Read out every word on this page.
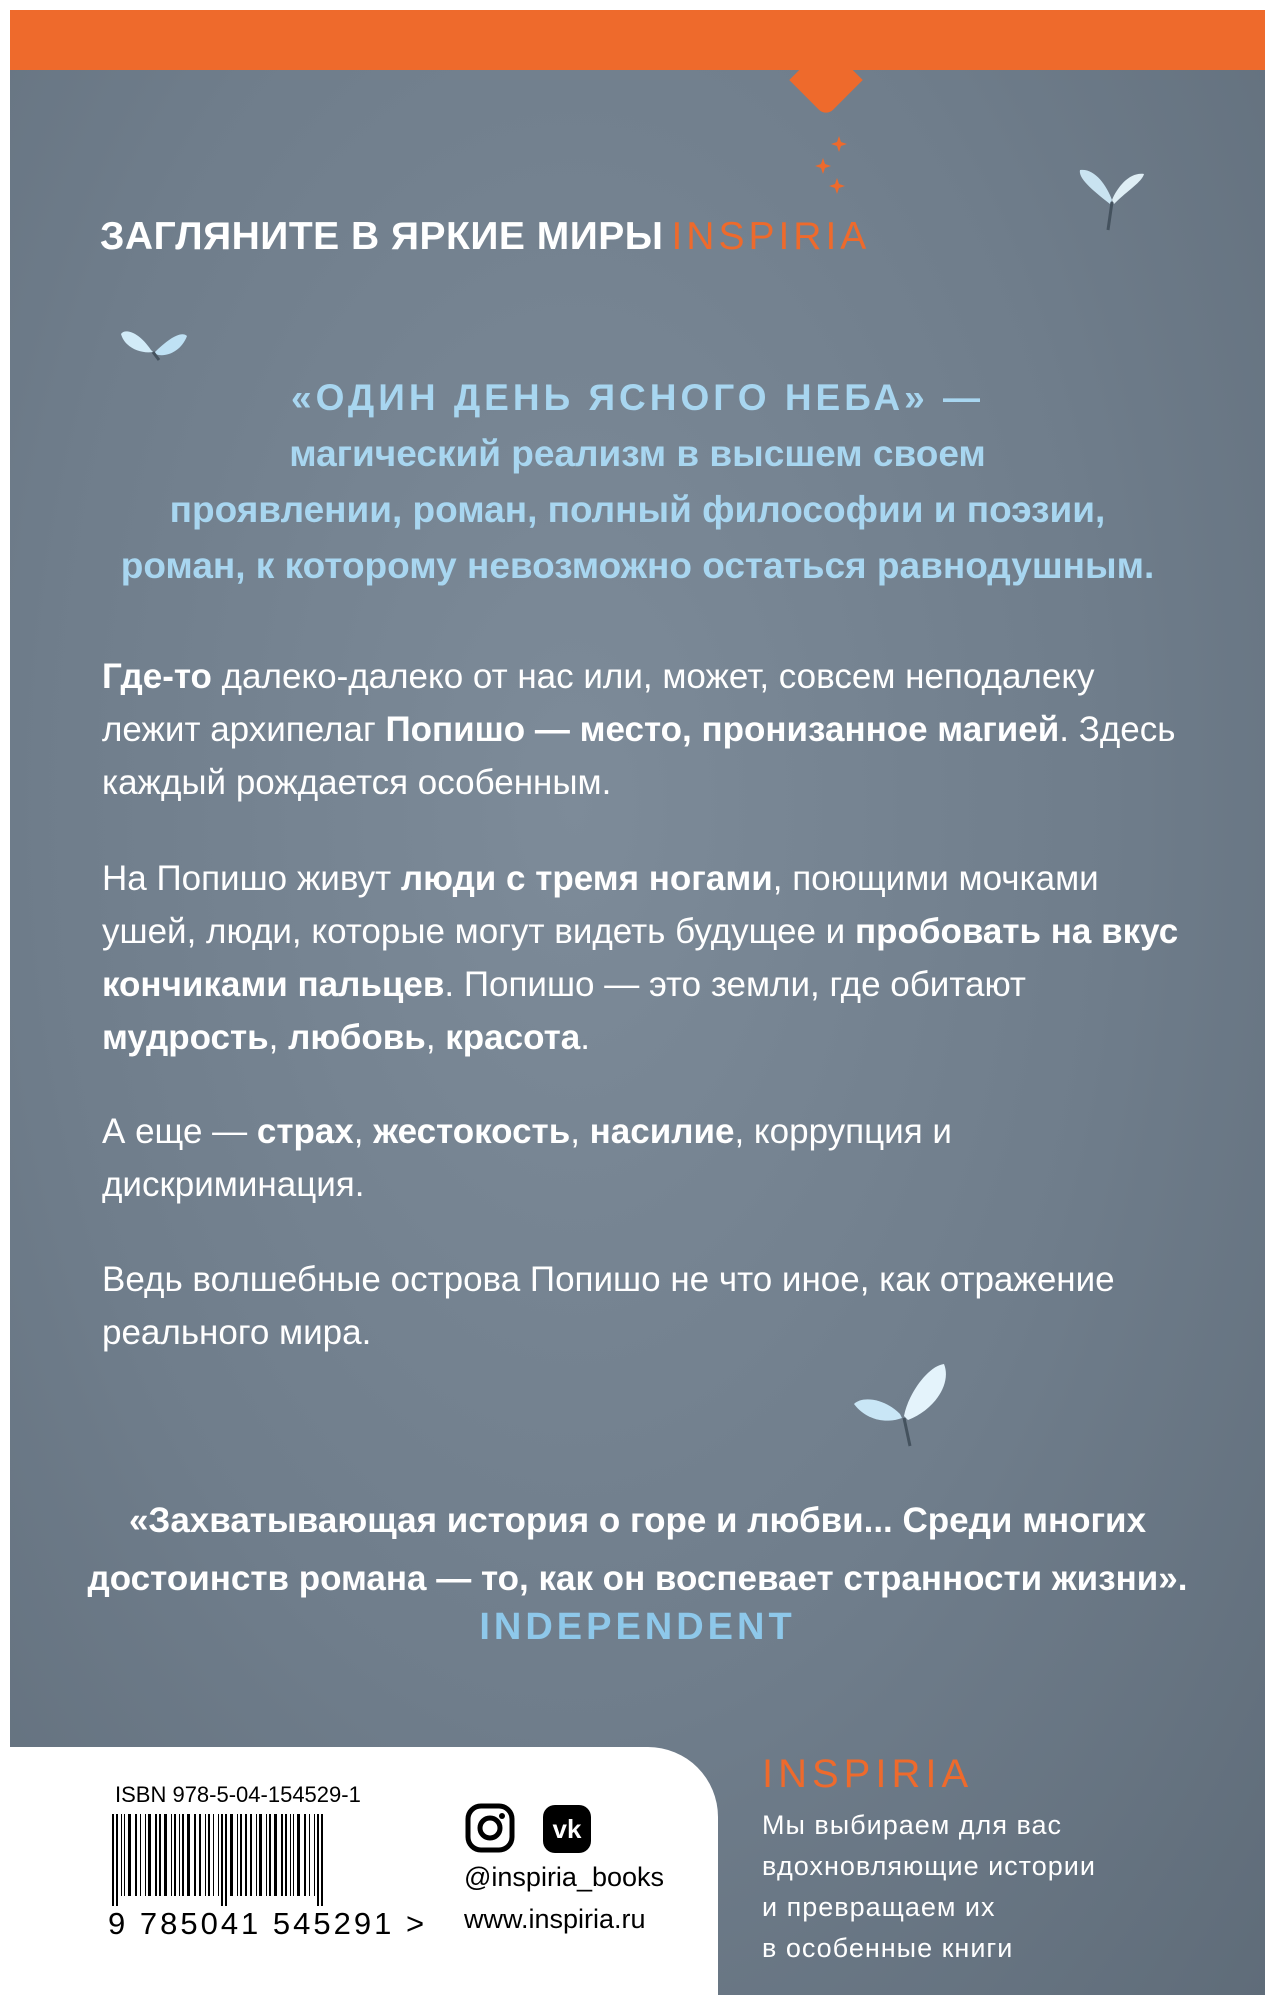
ЗАГЛЯНИТЕ В ЯРКИЕ МИРЫ INSPIRIA
«ОДИН ДЕНЬ ЯСНОГО НЕБА» —
магический реализм в высшем своем
проявлении, роман, полный философии и поэзии,
роман, к которому невозможно остаться равнодушным.

Где-то далеко-далеко от нас или, может, совсем неподалеку лежит архипелаг Попишо — место, пронизанное магией. Здесь каждый рождается особенным.

На Попишо живут люди с тремя ногами, поющими мочками ушей, люди, которые могут видеть будущее и пробовать на вкус кончиками пальцев. Попишо — это земли, где обитают мудрость, любовь, красота.

А еще — страх, жестокость, насилие, коррупция и дискриминация.

Ведь волшебные острова Попишо не что иное, как отражение реального мира.

«Захватывающая история о горе и любви... Среди многих
достоинств романа — то, как он воспевает странности жизни».
INDEPENDENT
ISBN 978-5-04-154529-1
9 785041 545291 >
vk
@inspiria_books
www.inspiria.ru
INSPIRIA
Мы выбираем для вас
вдохновляющие истории
и превращаем их
в особенные книги
